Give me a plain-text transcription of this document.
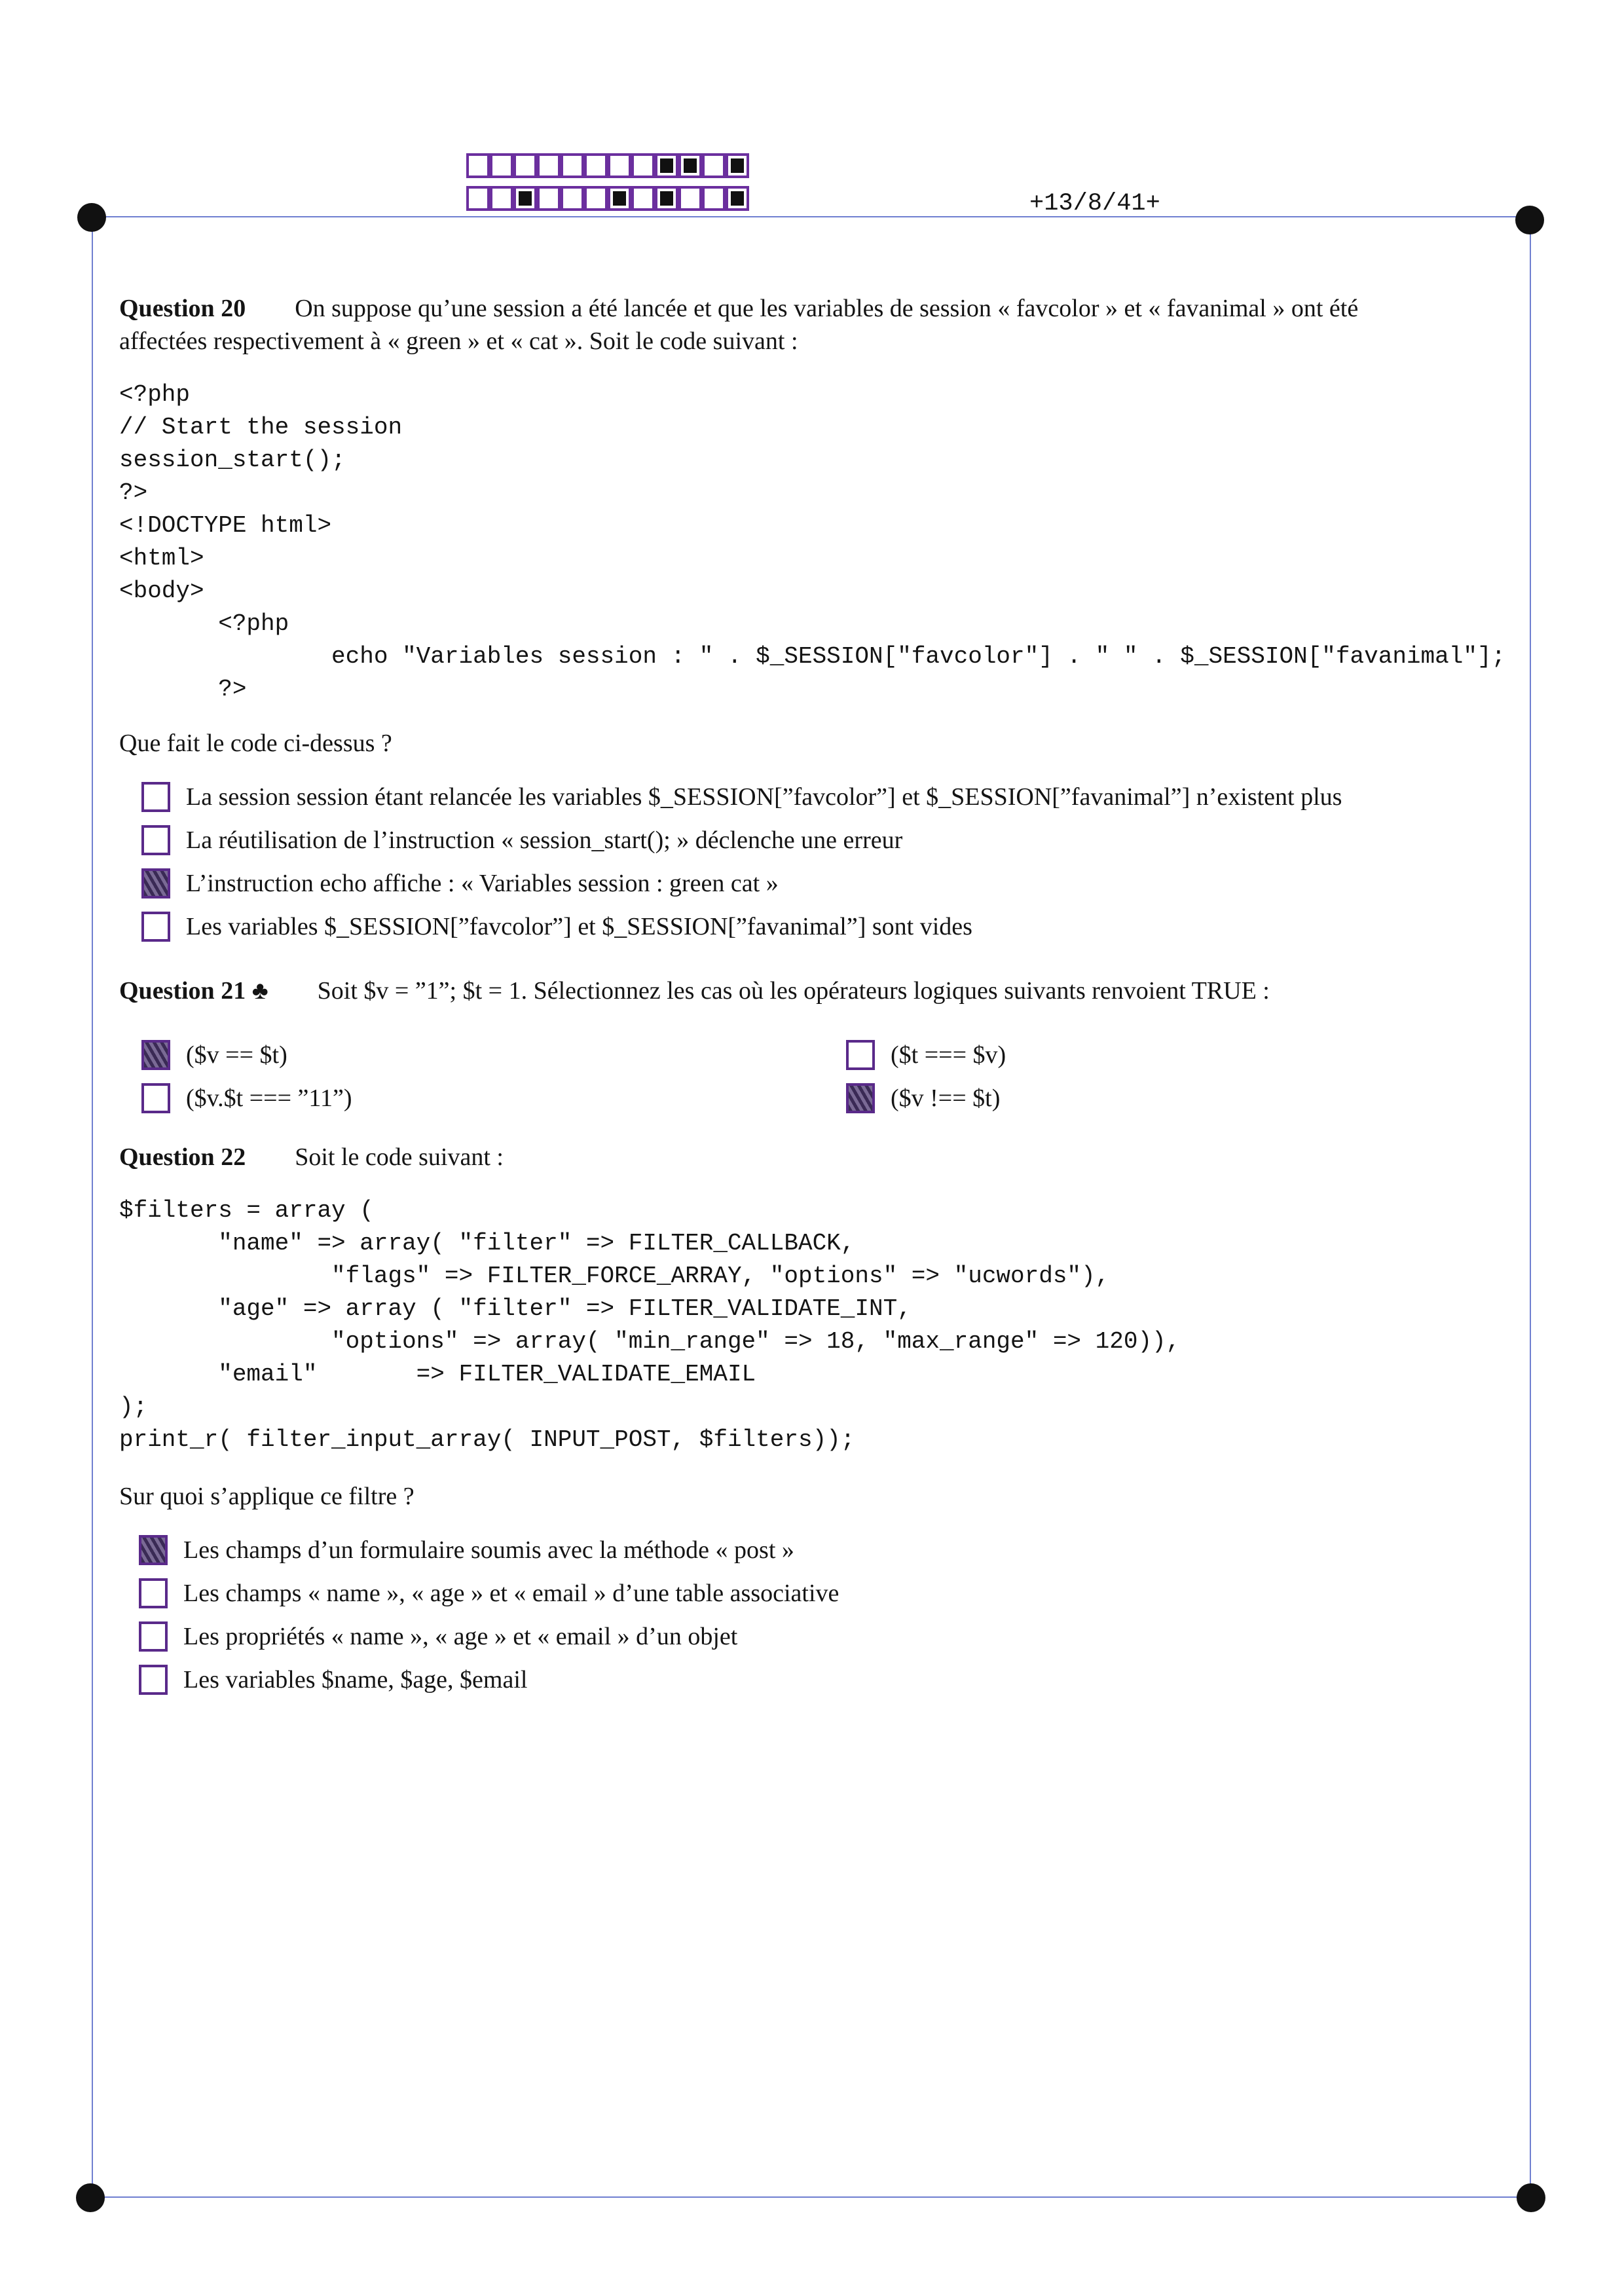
+13/8/41+
Question 20 On suppose qu’une session a été lancée et que les variables de session « favcolor » et « favanimal » ont été
affectées respectivement à « green » et « cat ». Soit le code suivant :
<?php
// Start the session
session_start();
?>
<!DOCTYPE html>
<html>
<body>
<?php
echo "Variables session : " . $_SESSION["favcolor"] . " " . $_SESSION["favanimal"];
?>
Que fait le code ci-dessus ?
La session session étant relancée les variables $_SESSION[”favcolor”] et $_SESSION[”favanimal”] n’existent plus
La réutilisation de l’instruction « session_start(); » déclenche une erreur
L’instruction echo affiche : « Variables session : green cat »
Les variables $_SESSION[”favcolor”] et $_SESSION[”favanimal”] sont vides
Question 21 ♣ Soit $v = ”1”; $t = 1. Sélectionnez les cas où les opérateurs logiques suivants renvoient TRUE :
($v == $t)	($t === $v)
($v.$t === ”11”)	($v !== $t)
Question 22 Soit le code suivant :
$filters = array (
"name" => array( "filter" => FILTER_CALLBACK,
"flags" => FILTER_FORCE_ARRAY, "options" => "ucwords"),
"age" => array ( "filter" => FILTER_VALIDATE_INT,
"options" => array( "min_range" => 18, "max_range" => 120)),
"email"       => FILTER_VALIDATE_EMAIL
);
print_r( filter_input_array( INPUT_POST, $filters));
Sur quoi s’applique ce filtre ?
Les champs d’un formulaire soumis avec la méthode « post »
Les champs « name », « age » et « email » d’une table associative
Les propriétés « name », « age » et « email » d’un objet
Les variables $name, $age, $email
